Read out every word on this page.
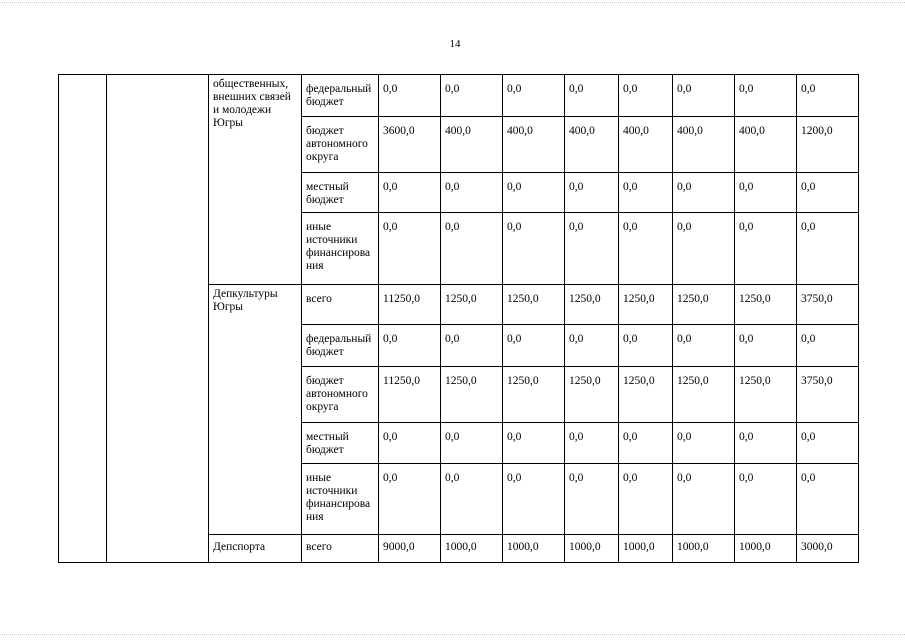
14
		общественных, внешних связей и молодежи Югры	федеральный бюджет	0,0	0,0	0,0	0,0	0,0	0,0	0,0	0,0
			бюджет автономного округа	3600,0	400,0	400,0	400,0	400,0	400,0	400,0	1200,0
			местный бюджет	0,0	0,0	0,0	0,0	0,0	0,0	0,0	0,0
			иные источники финансирования	0,0	0,0	0,0	0,0	0,0	0,0	0,0	0,0
		Депкультуры Югры	всего	11250,0	1250,0	1250,0	1250,0	1250,0	1250,0	1250,0	3750,0
			федеральный бюджет	0,0	0,0	0,0	0,0	0,0	0,0	0,0	0,0
			бюджет автономного округа	11250,0	1250,0	1250,0	1250,0	1250,0	1250,0	1250,0	3750,0
			местный бюджет	0,0	0,0	0,0	0,0	0,0	0,0	0,0	0,0
			иные источники финансирования	0,0	0,0	0,0	0,0	0,0	0,0	0,0	0,0
		Депспорта	всего	9000,0	1000,0	1000,0	1000,0	1000,0	1000,0	1000,0	3000,0
